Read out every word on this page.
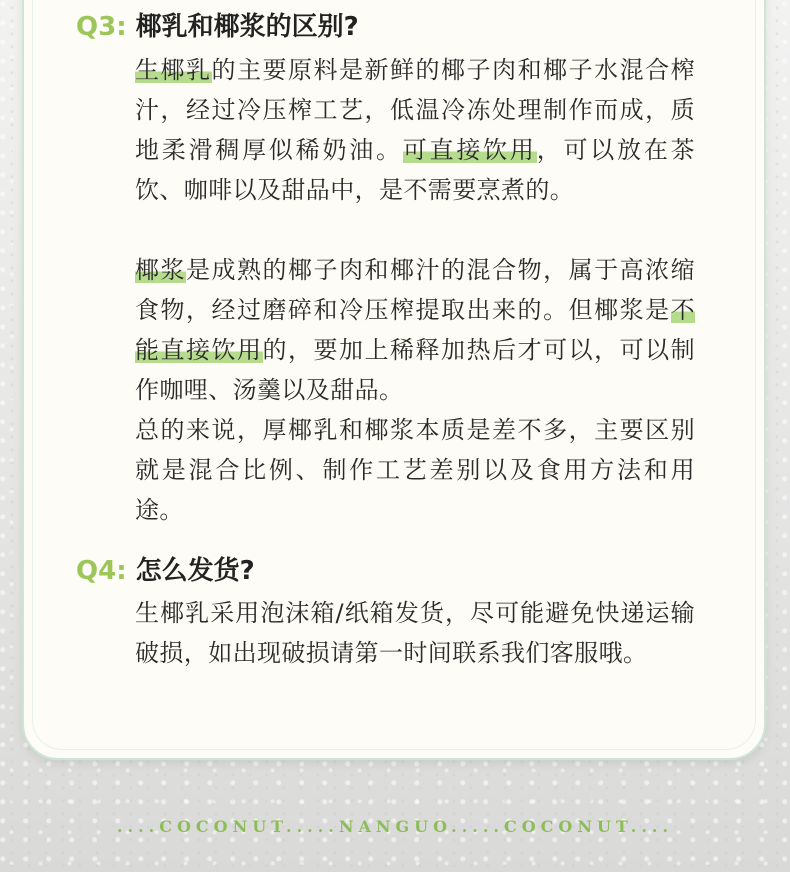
Q3: 椰乳和椰浆的区别?

生椰乳的主要原料是新鲜的椰子肉和椰子水混合榨汁，经过冷压榨工艺，低温冷冻处理制作而成，质地柔滑稠厚似稀奶油。可直接饮用，可以放在茶饮、咖啡以及甜品中，是不需要烹煮的。

椰浆是成熟的椰子肉和椰汁的混合物，属于高浓缩食物，经过磨碎和冷压榨提取出来的。但椰浆是不能直接饮用的，要加上稀释加热后才可以，可以制作咖哩、汤羹以及甜品。

总的来说，厚椰乳和椰浆本质是差不多，主要区别就是混合比例、制作工艺差别以及食用方法和用途。

Q4: 怎么发货?

生椰乳采用泡沫箱/纸箱发货，尽可能避免快递运输破损，如出现破损请第一时间联系我们客服哦。

....COCONUT.....NANGUO.....COCONUT....
